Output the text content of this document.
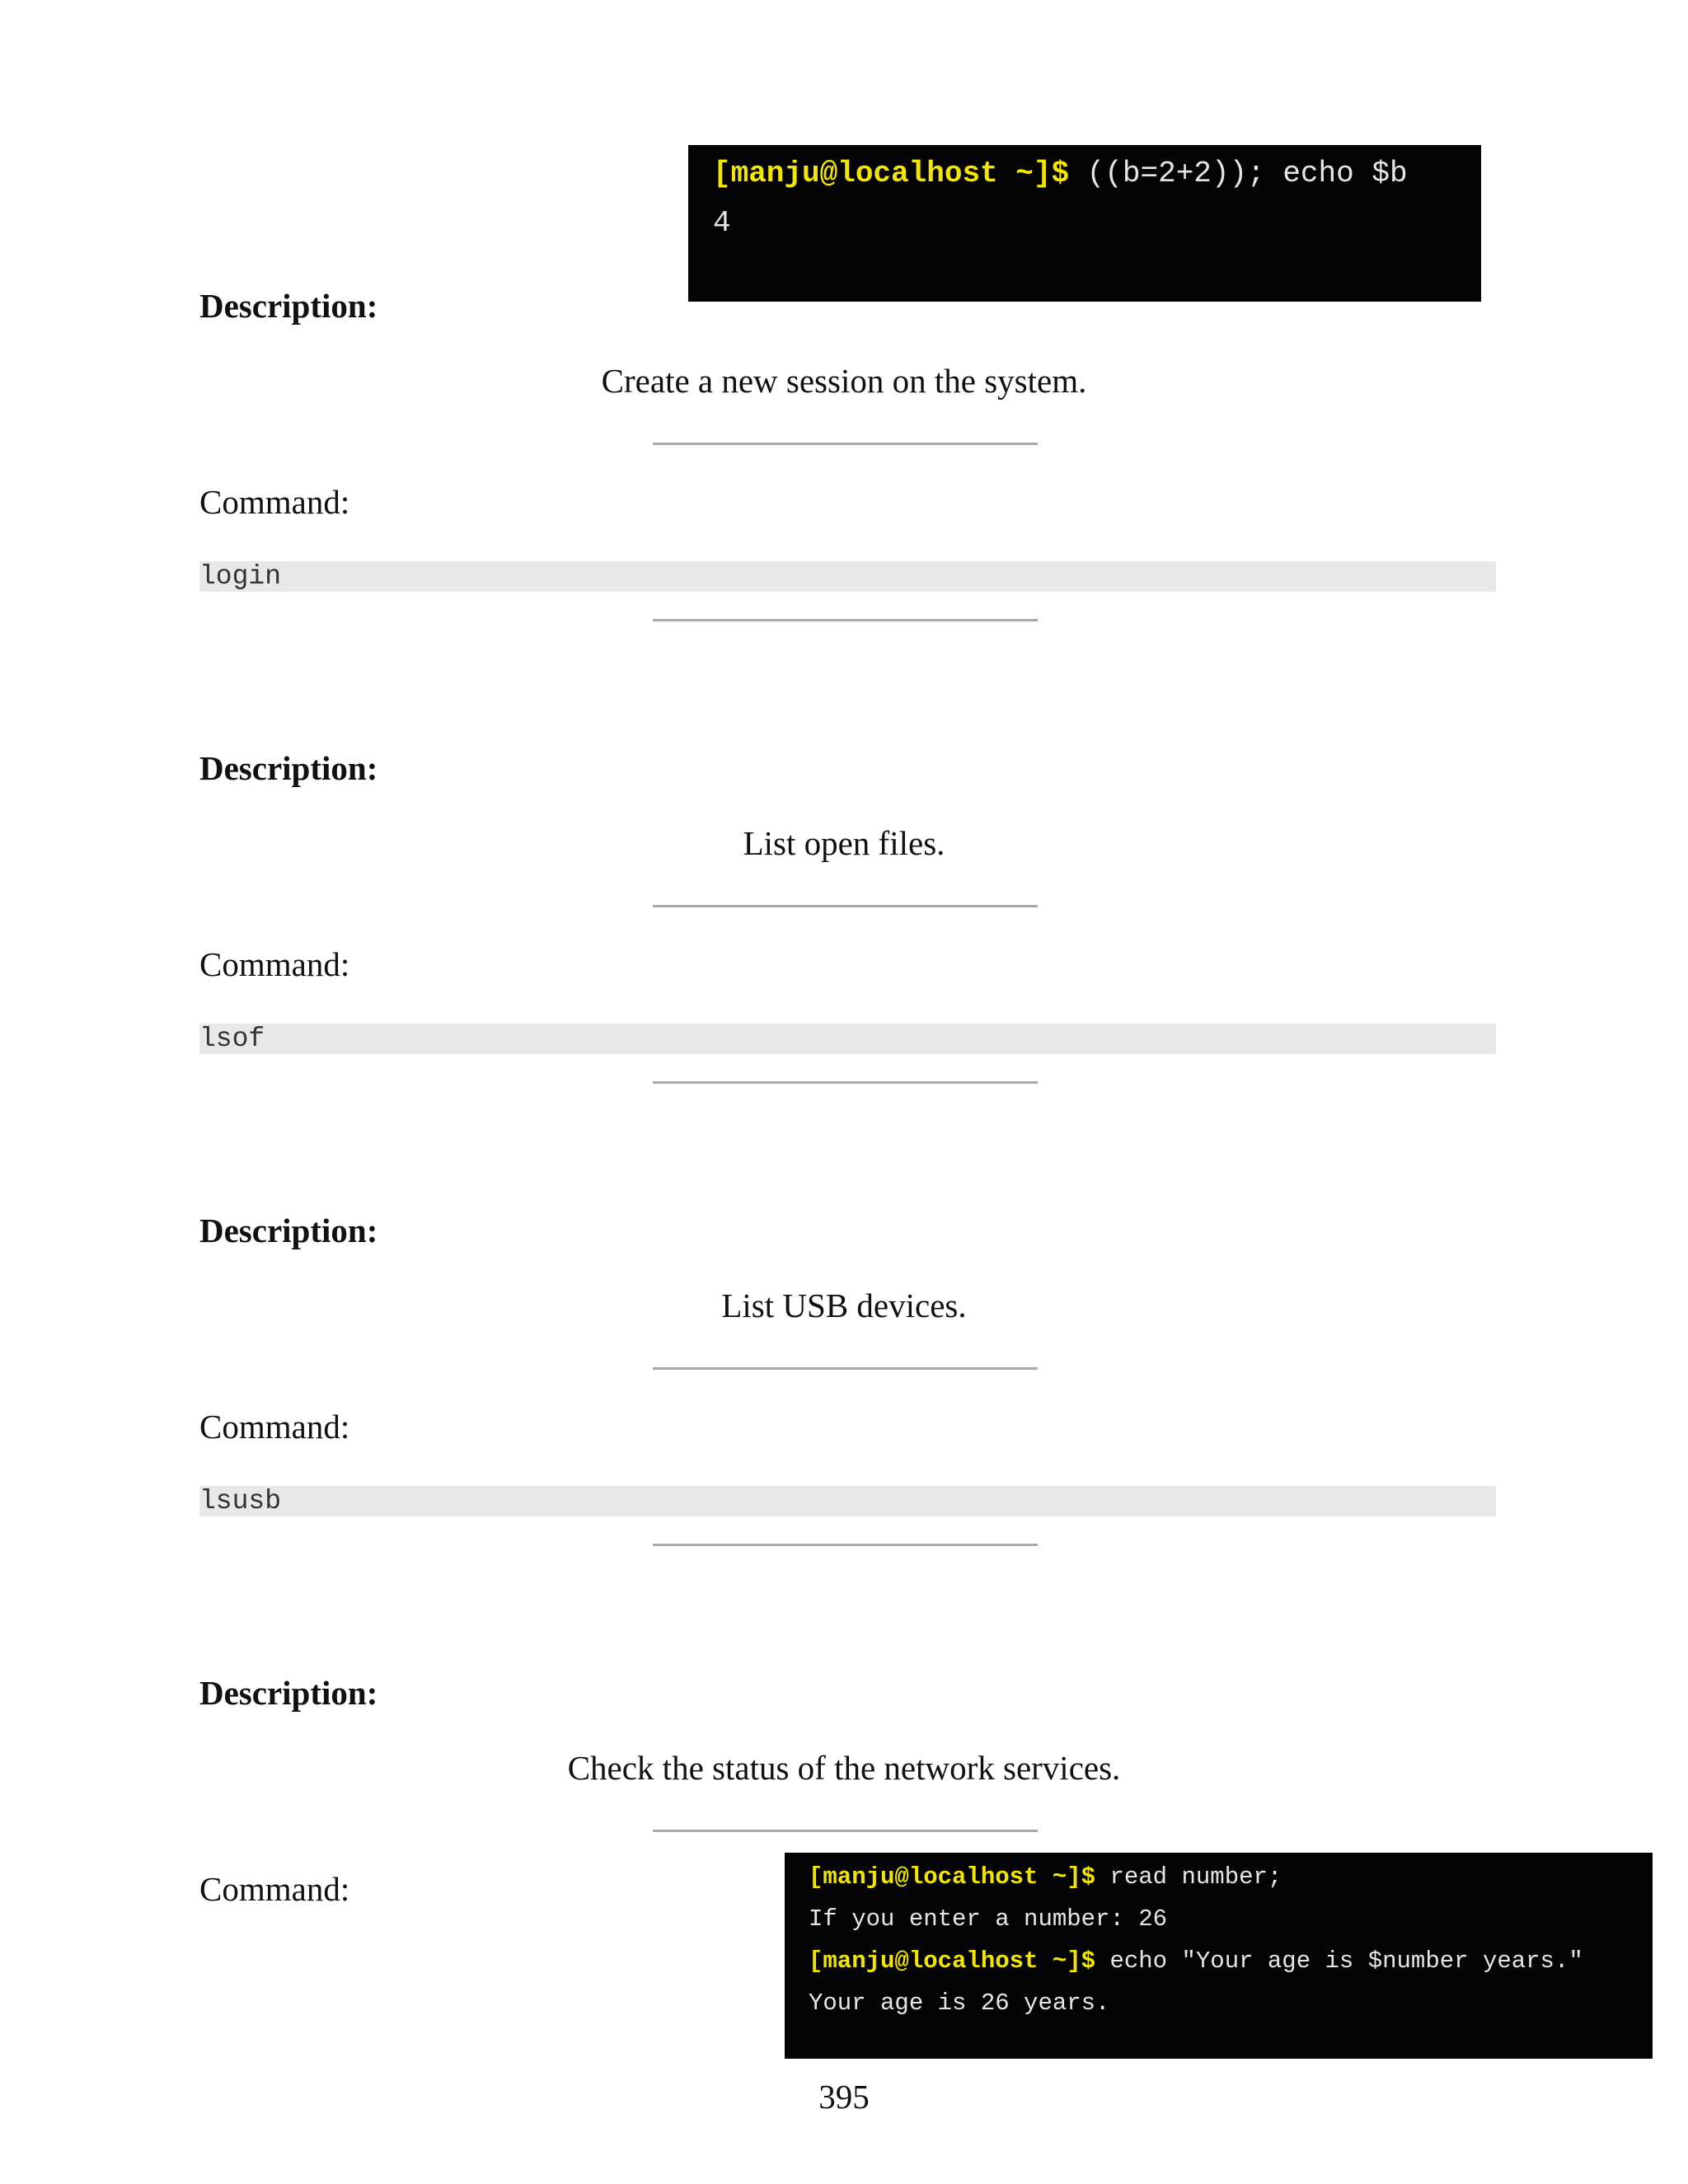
[manju@localhost ~]$ ((b=2+2)); echo $b
4
Description:
Create a new session on the system.
Command:
login
Description:
List open files.
Command:
lsof
Description:
List USB devices.
Command:
lsusb
Description:
Check the status of the network services.
Command:	[manju@localhost ~]$ read number;
If you enter a number: 26
[manju@localhost ~]$ echo "Your age is $number years."
Your age is 26 years.
395
